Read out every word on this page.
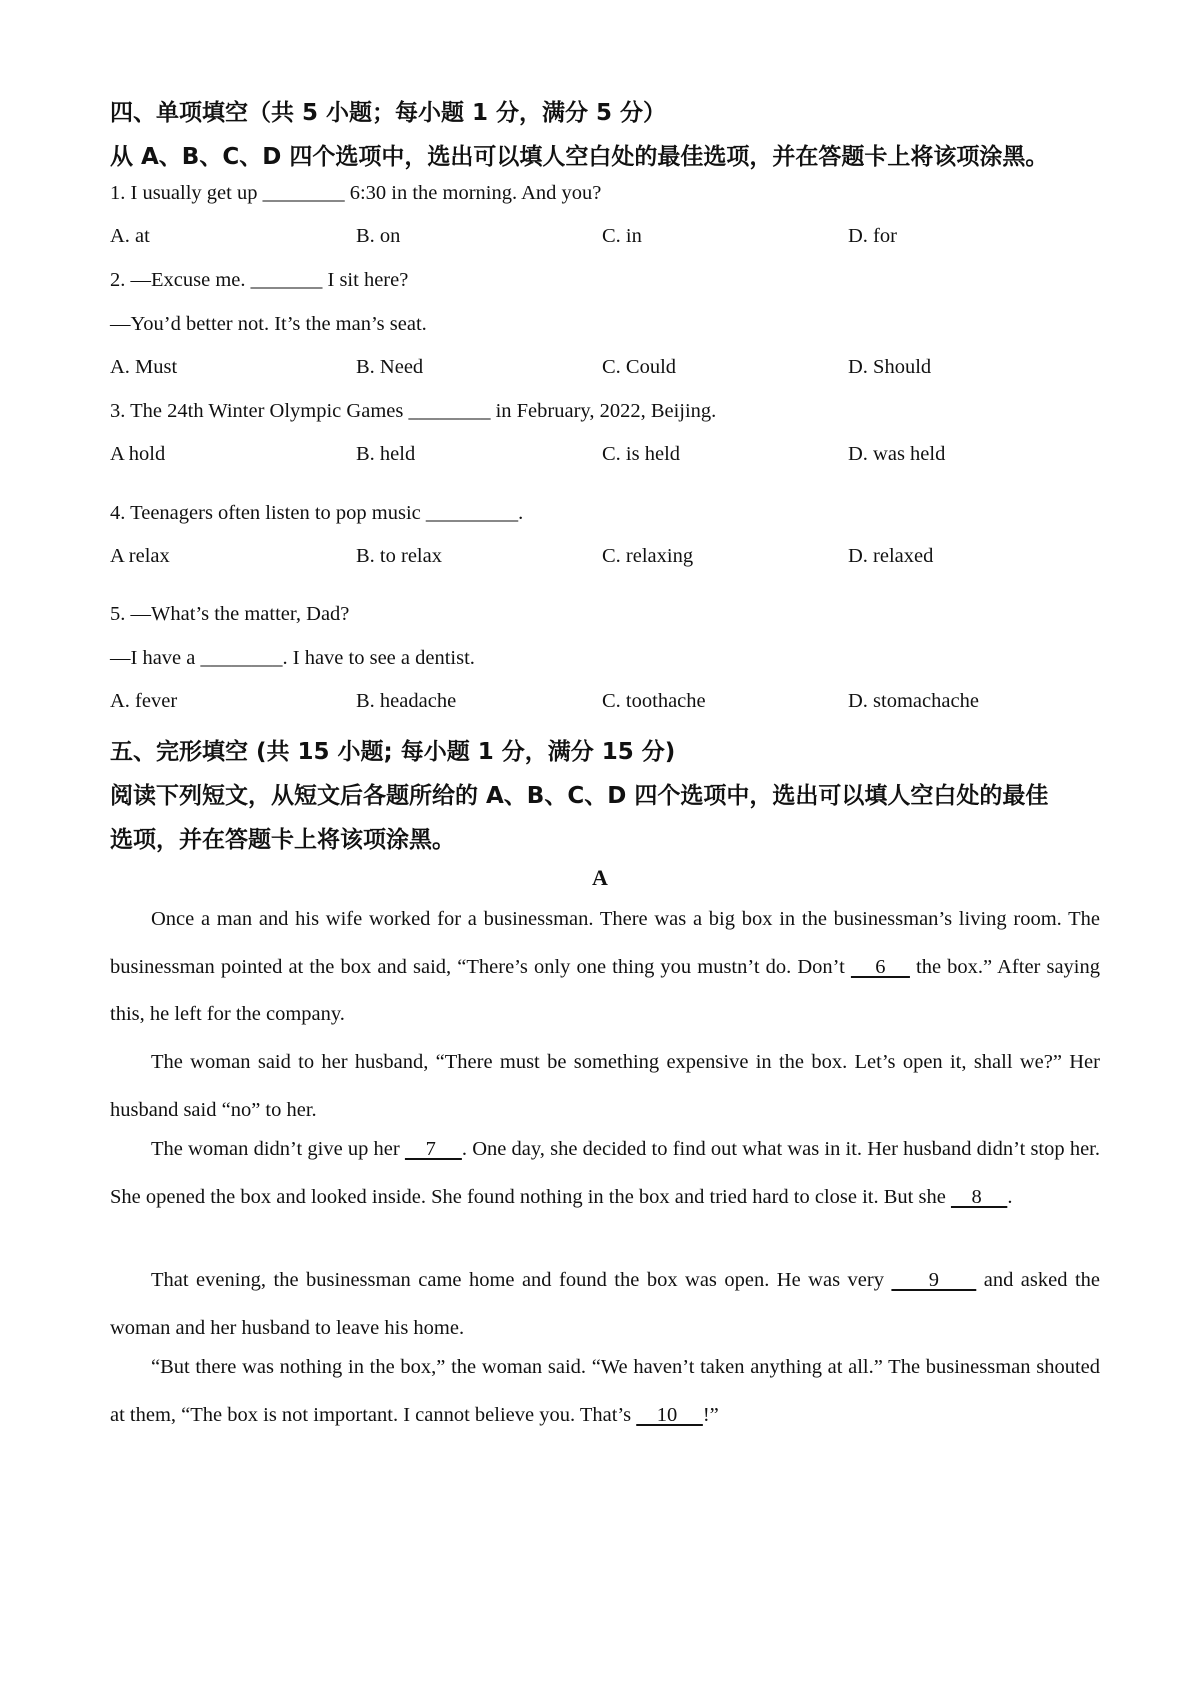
四、单项填空（共 5 小题；每小题 1 分，满分 5 分）
从 A、B、C、D 四个选项中，选出可以填人空白处的最佳选项，并在答题卡上将该项涂黑。
1. I usually get up ________ 6:30 in the morning. And you?
A. at	B. on	C. in	D. for
2. —Excuse me. _______ I sit here?
—You’d better not. It’s the man’s seat.
A. Must	B. Need	C. Could	D. Should
3. The 24th Winter Olympic Games ________ in February, 2022, Beijing.
A hold	B. held	C. is held	D. was held
4. Teenagers often listen to pop music _________.
A relax	B. to relax	C. relaxing	D. relaxed
5. —What’s the matter, Dad?
—I have a ________. I have to see a dentist.
A. fever	B. headache	C. toothache	D. stomachache
五、完形填空 (共 15 小题; 每小题 1 分，满分 15 分)
阅读下列短文，从短文后各题所给的 A、B、C、D 四个选项中，选出可以填人空白处的最佳
选项，并在答题卡上将该项涂黑。
A
Once a man and his wife worked for a businessman. There was a big box in the businessman’s living room. The businessman pointed at the box and said, “There’s only one thing you mustn’t do. Don’t     6     the box.” After saying this, he left for the company.
The woman said to her husband, “There must be something expensive in the box. Let’s open it, shall we?” Her husband said “no” to her.
The woman didn’t give up her     7     . One day, she decided to find out what was in it. Her husband didn’t stop her. She opened the box and looked inside. She found nothing in the box and tried hard to close it. But she     8     .
That evening, the businessman came home and found the box was open. He was very      9      and asked the woman and her husband to leave his home.
“But there was nothing in the box,” the woman said. “We haven’t taken anything at all.” The businessman shouted at them, “The box is not important. I cannot believe you. That’s     10     !”
